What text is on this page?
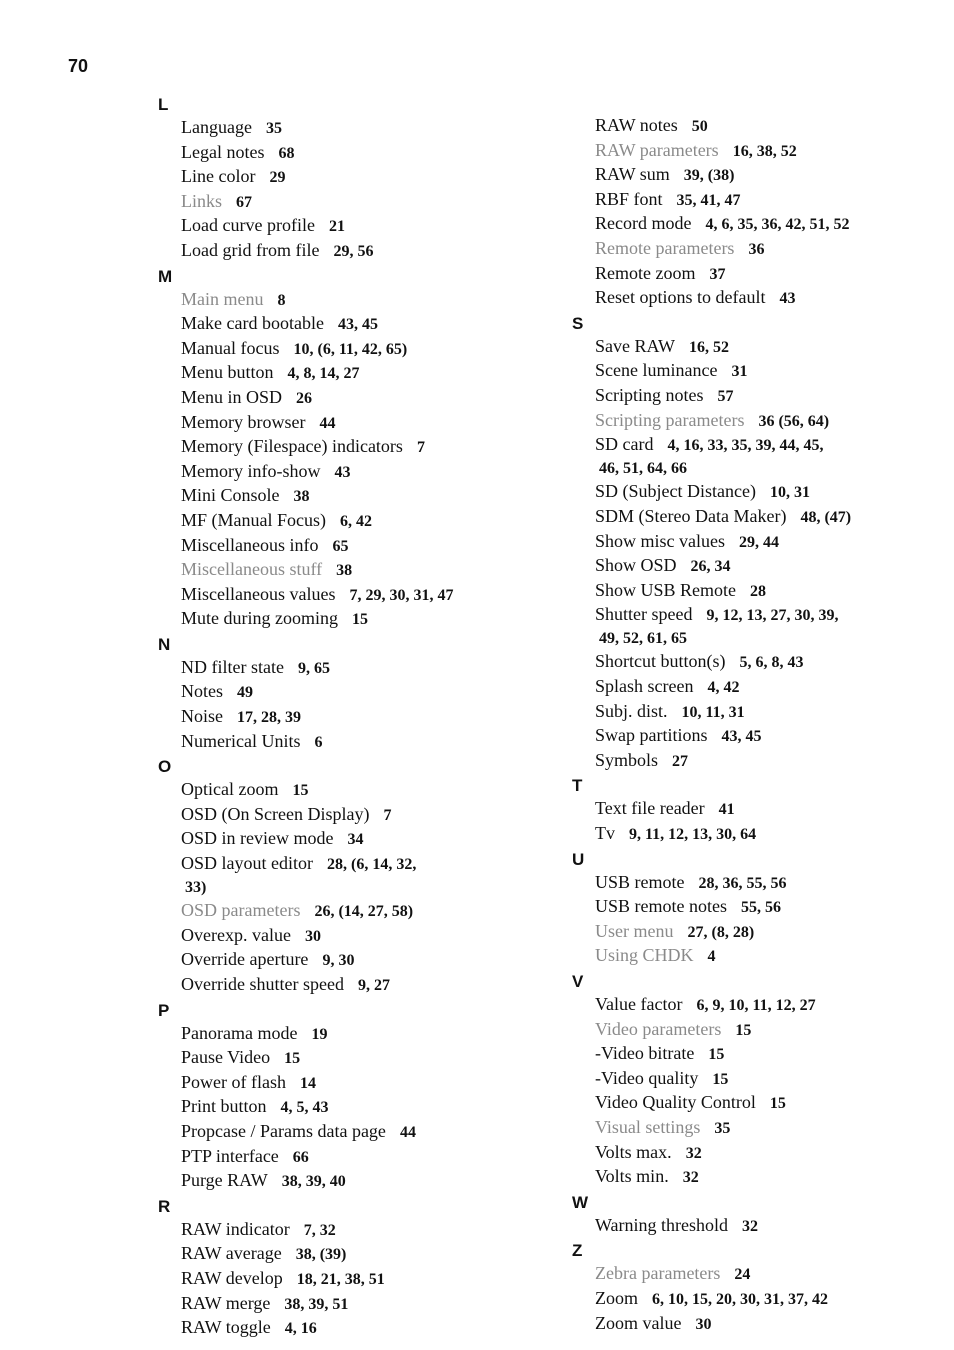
70
L
Language 35
Legal notes 68
Line color 29
Links 67
Load curve profile 21
Load grid from file 29, 56
M
Main menu 8
Make card bootable 43, 45
Manual focus 10, (6, 11, 42, 65)
Menu button 4, 8, 14, 27
Menu in OSD 26
Memory browser 44
Memory (Filespace) indicators 7
Memory info-show 43
Mini Console 38
MF (Manual Focus) 6, 42
Miscellaneous info 65
Miscellaneous stuff 38
Miscellaneous values 7, 29, 30, 31, 47
Mute during zooming 15
N
ND filter state 9, 65
Notes 49
Noise 17, 28, 39
Numerical Units 6
O
Optical zoom 15
OSD (On Screen Display) 7
OSD in review mode 34
OSD layout editor 28, (6, 14, 32,
33)
OSD parameters 26, (14, 27, 58)
Overexp. value 30
Override aperture 9, 30
Override shutter speed 9, 27
P
Panorama mode 19
Pause Video 15
Power of flash 14
Print button 4, 5, 43
Propcase / Params data page 44
PTP interface 66
Purge RAW 38, 39, 40
R
RAW indicator 7, 32
RAW average 38, (39)
RAW develop 18, 21, 38, 51
RAW merge 38, 39, 51
RAW toggle 4, 16
RAW notes 50
RAW parameters 16, 38, 52
RAW sum 39, (38)
RBF font 35, 41, 47
Record mode 4, 6, 35, 36, 42, 51, 52
Remote parameters 36
Remote zoom 37
Reset options to default 43
S
Save RAW 16, 52
Scene luminance 31
Scripting notes 57
Scripting parameters 36 (56, 64)
SD card 4, 16, 33, 35, 39, 44, 45,
46, 51, 64, 66
SD (Subject Distance) 10, 31
SDM (Stereo Data Maker) 48, (47)
Show misc values 29, 44
Show OSD 26, 34
Show USB Remote 28
Shutter speed 9, 12, 13, 27, 30, 39,
49, 52, 61, 65
Shortcut button(s) 5, 6, 8, 43
Splash screen 4, 42
Subj. dist. 10, 11, 31
Swap partitions 43, 45
Symbols 27
T
Text file reader 41
Tv 9, 11, 12, 13, 30, 64
U
USB remote 28, 36, 55, 56
USB remote notes 55, 56
User menu 27, (8, 28)
Using CHDK 4
V
Value factor 6, 9, 10, 11, 12, 27
Video parameters 15
-Video bitrate 15
-Video quality 15
Video Quality Control 15
Visual settings 35
Volts max. 32
Volts min. 32
W
Warning threshold 32
Z
Zebra parameters 24
Zoom 6, 10, 15, 20, 30, 31, 37, 42
Zoom value 30
